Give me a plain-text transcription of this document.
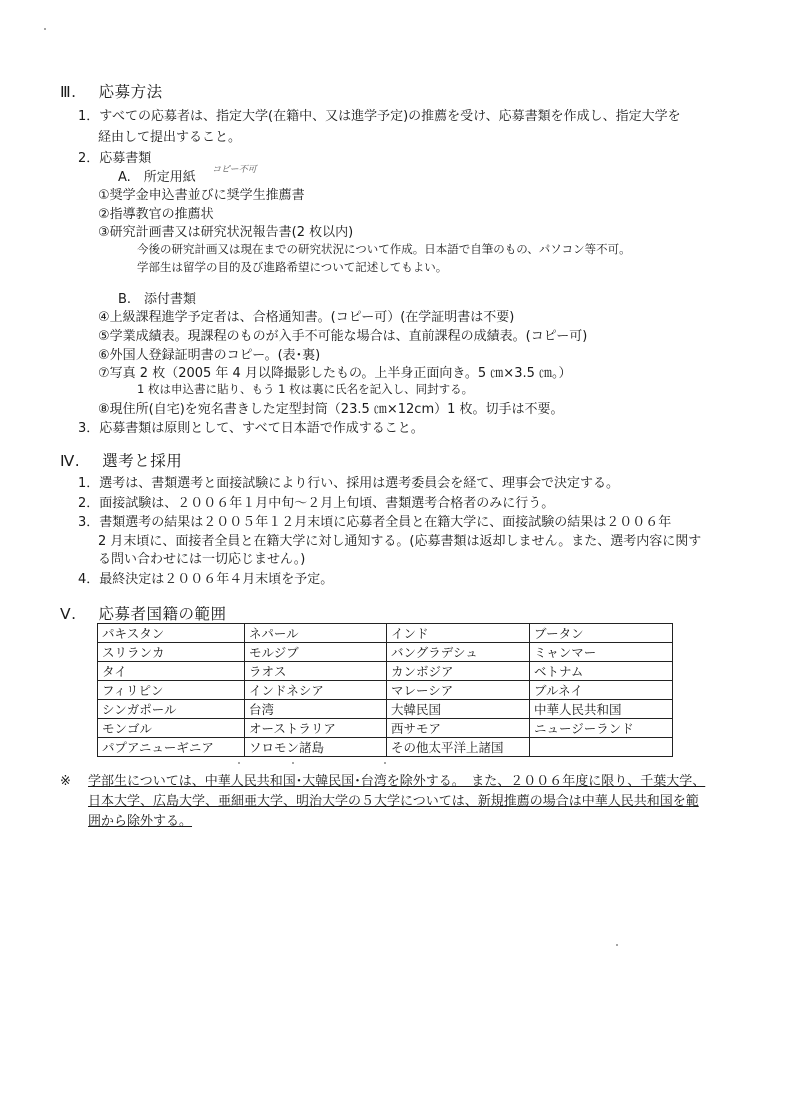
Ⅲ. 応募方法
1．すべての応募者は、指定大学(在籍中、又は進学予定)の推薦を受け、応募書類を作成し、指定大学を
経由して提出すること。
2．応募書類
A.　所定用紙 コピー不可
①奨学金申込書並びに奨学生推薦書
②指導教官の推薦状
③研究計画書又は研究状況報告書(2 枚以内)
今後の研究計画又は現在までの研究状況について作成。日本語で自筆のもの、パソコン等不可。
学部生は留学の目的及び進路希望について記述してもよい。
B.　添付書類
④上級課程進学予定者は、合格通知書。(コピー可）(在学証明書は不要)
⑤学業成績表。現課程のものが入手不可能な場合は、直前課程の成績表。(コピー可)
⑥外国人登録証明書のコピー。(表･裏)
⑦写真 2 枚（2005 年 4 月以降撮影したもの。上半身正面向き。5 ㎝×3.5 ㎝。）
1 枚は申込書に貼り、もう 1 枚は裏に氏名を記入し、同封する。
⑧現住所(自宅)を宛名書きした定型封筒（23.5 ㎝×12cm）1 枚。切手は不要。
3．応募書類は原則として、すべて日本語で作成すること。
Ⅳ. 選考と採用
1．選考は、書類選考と面接試験により行い、採用は選考委員会を経て、理事会で決定する。
2．面接試験は、２００６年１月中旬～２月上旬頃、書類選考合格者のみに行う。
3．書類選考の結果は２００５年１２月末頃に応募者全員と在籍大学に、面接試験の結果は２００６年
2 月末頃に、面接者全員と在籍大学に対し通知する。(応募書類は返却しません。また、選考内容に関す
る問い合わせには一切応じません。)
4．最終決定は２００６年４月末頃を予定。
Ⅴ. 応募者国籍の範囲
パキスタン	ネパール	インド	ブータン
スリランカ	モルジブ	バングラデシュ	ミャンマー
タイ	ラオス	カンボジア	ベトナム
フィリピン	インドネシア	マレーシア	ブルネイ
シンガポール	台湾	大韓民国	中華人民共和国
モンゴル	オーストラリア	西サモア	ニュージーランド
パプアニューギニア	ソロモン諸島	その他太平洋上諸国	
※ 学部生については、中華人民共和国･大韓民国･台湾を除外する。　また、２００６年度に限り、千葉大学、
日本大学、広島大学、亜細亜大学、明治大学の５大学については、新規推薦の場合は中華人民共和国を範
囲から除外する。
